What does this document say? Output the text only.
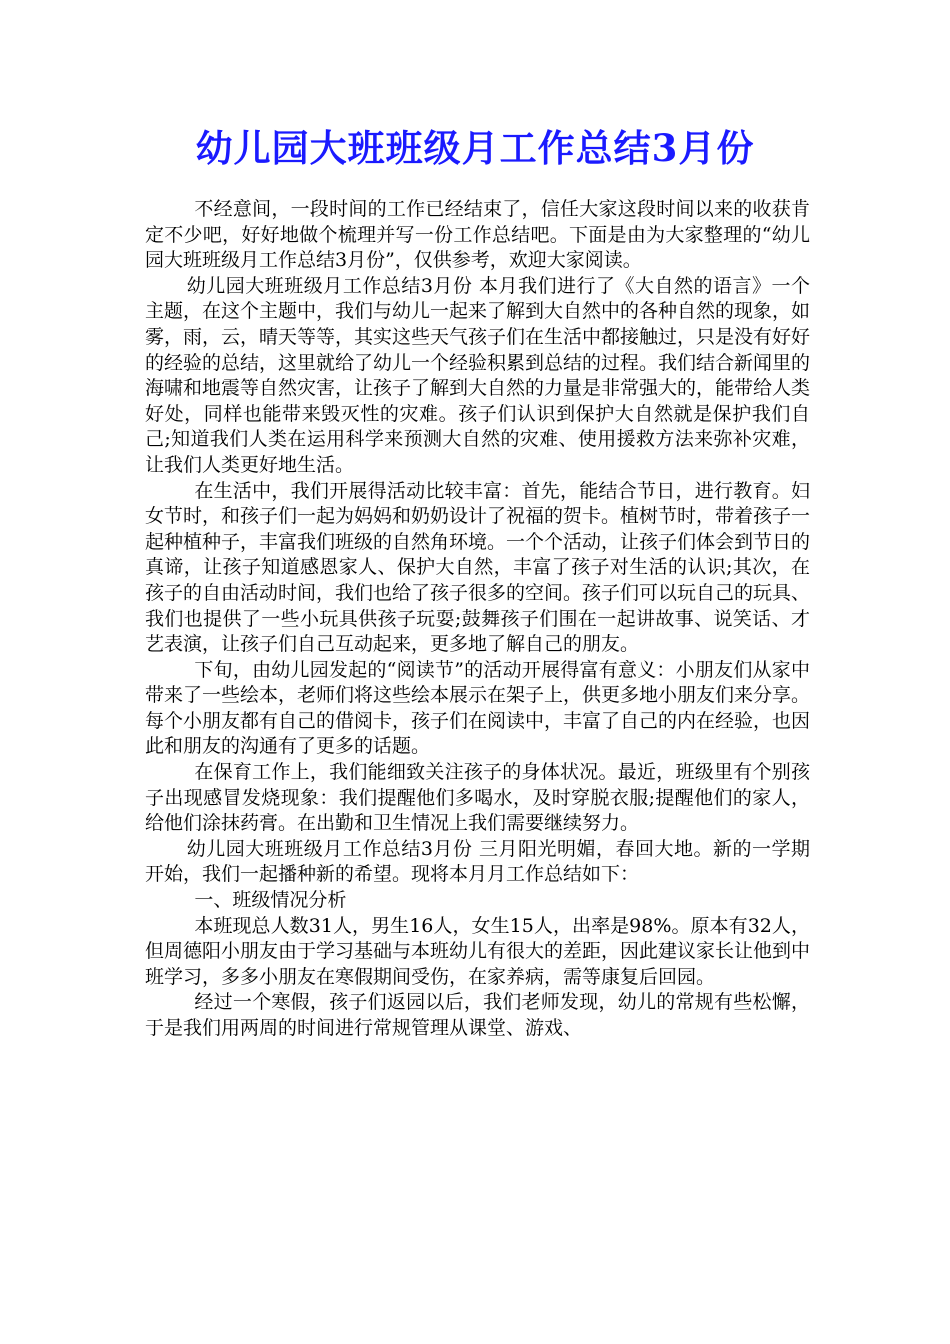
幼儿园大班班级月工作总结3月份

不经意间，一段时间的工作已经结束了，信任大家这段时间以来的收获肯定不少吧，好好地做个梳理并写一份工作总结吧。下面是由为大家整理的“幼儿园大班班级月工作总结3月份”，仅供参考，欢迎大家阅读。

幼儿园大班班级月工作总结3月份 本月我们进行了《大自然的语言》一个主题，在这个主题中，我们与幼儿一起来了解到大自然中的各种自然的现象，如雾，雨，云，晴天等等，其实这些天气孩子们在生活中都接触过，只是没有好好的经验的总结，这里就给了幼儿一个经验积累到总结的过程。我们结合新闻里的海啸和地震等自然灾害，让孩子了解到大自然的力量是非常强大的，能带给人类好处，同样也能带来毁灭性的灾难。孩子们认识到保护大自然就是保护我们自己;知道我们人类在运用科学来预测大自然的灾难、使用援救方法来弥补灾难，让我们人类更好地生活。

在生活中，我们开展得活动比较丰富：首先，能结合节日，进行教育。妇女节时，和孩子们一起为妈妈和奶奶设计了祝福的贺卡。植树节时，带着孩子一起种植种子，丰富我们班级的自然角环境。一个个活动，让孩子们体会到节日的真谛，让孩子知道感恩家人、保护大自然，丰富了孩子对生活的认识;其次，在孩子的自由活动时间，我们也给了孩子很多的空间。孩子们可以玩自己的玩具、我们也提供了一些小玩具供孩子玩耍;鼓舞孩子们围在一起讲故事、说笑话、才艺表演，让孩子们自己互动起来，更多地了解自己的朋友。

下旬，由幼儿园发起的“阅读节”的活动开展得富有意义：小朋友们从家中带来了一些绘本，老师们将这些绘本展示在架子上，供更多地小朋友们来分享。每个小朋友都有自己的借阅卡，孩子们在阅读中，丰富了自己的内在经验，也因此和朋友的沟通有了更多的话题。

在保育工作上，我们能细致关注孩子的身体状况。最近，班级里有个别孩子出现感冒发烧现象：我们提醒他们多喝水，及时穿脱衣服;提醒他们的家人，给他们涂抹药膏。在出勤和卫生情况上我们需要继续努力。

幼儿园大班班级月工作总结3月份 三月阳光明媚，春回大地。新的一学期开始，我们一起播种新的希望。现将本月月工作总结如下：

一、班级情况分析

本班现总人数31人，男生16人，女生15人，出率是98%。原本有32人，但周德阳小朋友由于学习基础与本班幼儿有很大的差距，因此建议家长让他到中班学习，多多小朋友在寒假期间受伤，在家养病，需等康复后回园。

经过一个寒假，孩子们返园以后，我们老师发现，幼儿的常规有些松懈，于是我们用两周的时间进行常规管理从课堂、游戏、
